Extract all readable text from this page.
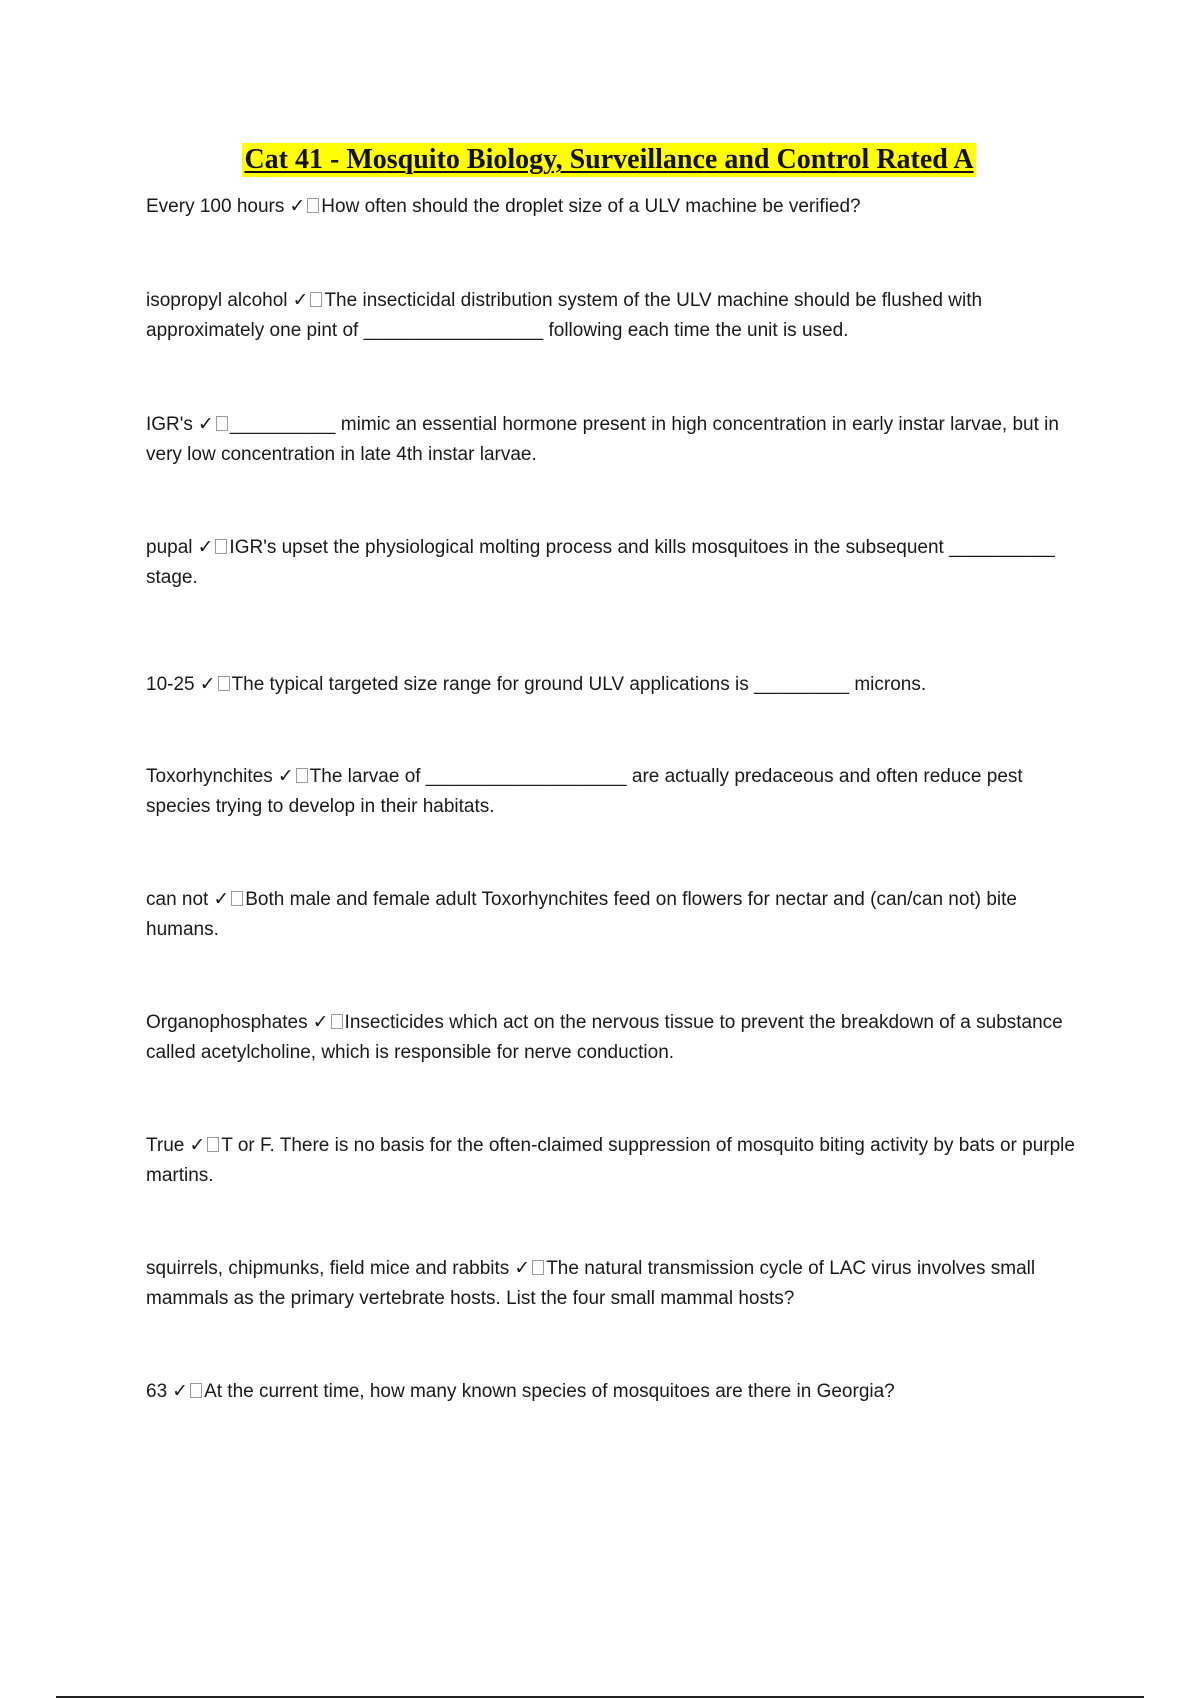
Cat 41 - Mosquito Biology, Surveillance and Control Rated A
Every 100 hours ✓ How often should the droplet size of a ULV machine be verified?
isopropyl alcohol ✓ The insecticidal distribution system of the ULV machine should be flushed with approximately one pint of _________________ following each time the unit is used.
IGR's ✓ __________ mimic an essential hormone present in high concentration in early instar larvae, but in very low concentration in late 4th instar larvae.
pupal ✓ IGR's upset the physiological molting process and kills mosquitoes in the subsequent __________ stage.
10-25 ✓ The typical targeted size range for ground ULV applications is _________ microns.
Toxorhynchites ✓ The larvae of ___________________ are actually predaceous and often reduce pest species trying to develop in their habitats.
can not ✓ Both male and female adult Toxorhynchites feed on flowers for nectar and (can/can not) bite humans.
Organophosphates ✓ Insecticides which act on the nervous tissue to prevent the breakdown of a substance called acetylcholine, which is responsible for nerve conduction.
True ✓ T or F. There is no basis for the often-claimed suppression of mosquito biting activity by bats or purple martins.
squirrels, chipmunks, field mice and rabbits ✓ The natural transmission cycle of LAC virus involves small mammals as the primary vertebrate hosts. List the four small mammal hosts?
63 ✓ At the current time, how many known species of mosquitoes are there in Georgia?
